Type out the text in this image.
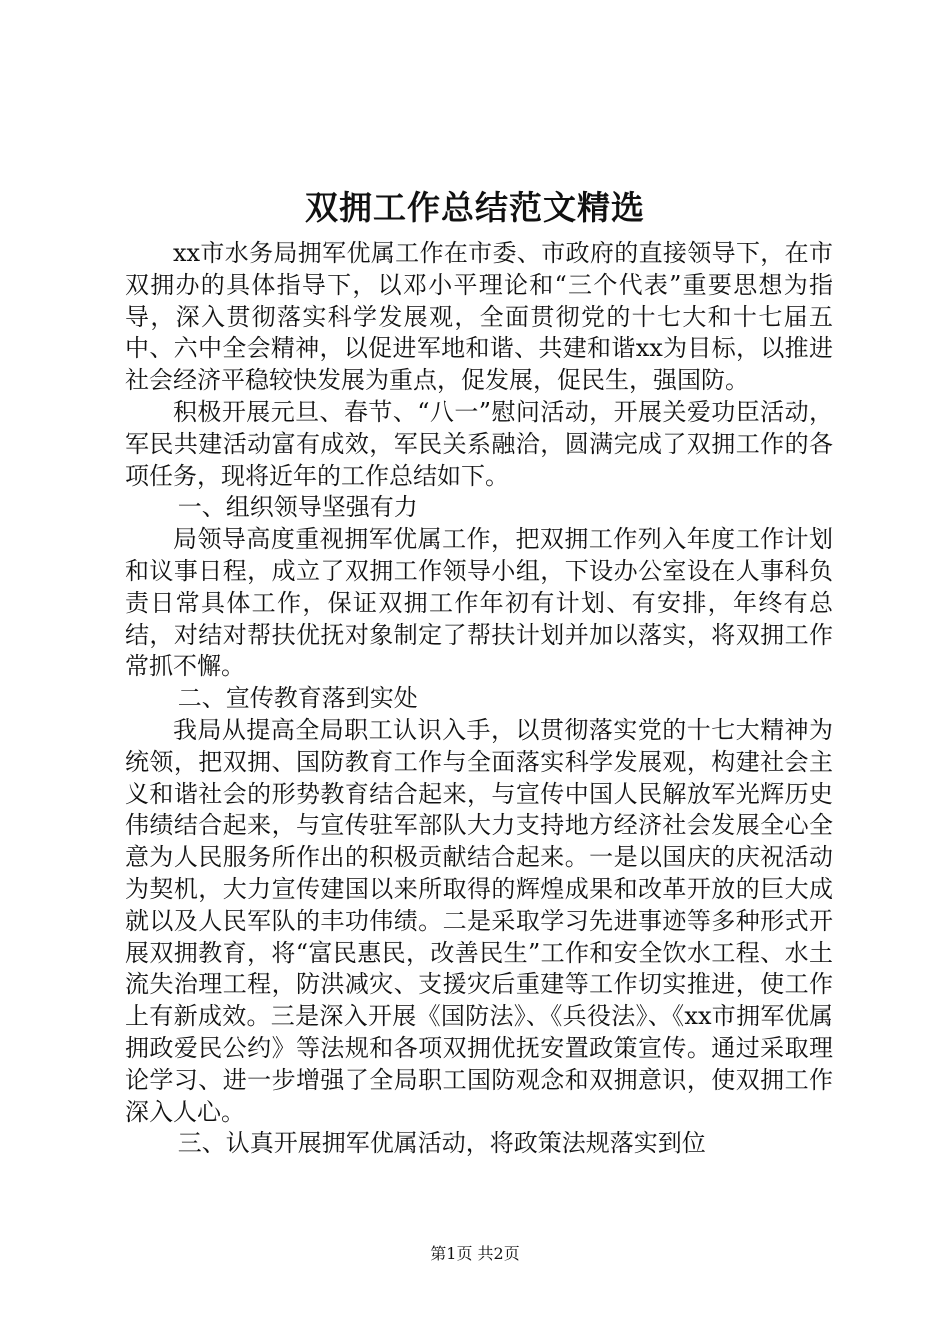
双拥工作总结范文精选

xx市水务局拥军优属工作在市委、市政府的直接领导下，在市双拥办的具体指导下，以邓小平理论和“三个代表”重要思想为指导，深入贯彻落实科学发展观，全面贯彻党的十七大和十七届五中、六中全会精神，以促进军地和谐、共建和谐xx为目标，以推进社会经济平稳较快发展为重点，促发展，促民生，强国防。

积极开展元旦、春节、“八一”慰问活动，开展关爱功臣活动，军民共建活动富有成效，军民关系融洽，圆满完成了双拥工作的各项任务，现将近年的工作总结如下。

一、组织领导坚强有力

局领导高度重视拥军优属工作，把双拥工作列入年度工作计划和议事日程，成立了双拥工作领导小组，下设办公室设在人事科负责日常具体工作，保证双拥工作年初有计划、有安排，年终有总结，对结对帮扶优抚对象制定了帮扶计划并加以落实，将双拥工作常抓不懈。

二、宣传教育落到实处

我局从提高全局职工认识入手，以贯彻落实党的十七大精神为统领，把双拥、国防教育工作与全面落实科学发展观，构建社会主义和谐社会的形势教育结合起来，与宣传中国人民解放军光辉历史伟绩结合起来，与宣传驻军部队大力支持地方经济社会发展全心全意为人民服务所作出的积极贡献结合起来。一是以国庆的庆祝活动为契机，大力宣传建国以来所取得的辉煌成果和改革开放的巨大成就以及人民军队的丰功伟绩。二是采取学习先进事迹等多种形式开展双拥教育，将“富民惠民，改善民生”工作和安全饮水工程、水土流失治理工程，防洪减灾、支援灾后重建等工作切实推进，使工作上有新成效。三是深入开展《国防法》、《兵役法》、《xx市拥军优属拥政爱民公约》等法规和各项双拥优抚安置政策宣传。通过采取理论学习、进一步增强了全局职工国防观念和双拥意识，使双拥工作深入人心。

三、认真开展拥军优属活动，将政策法规落实到位

第1页 共2页
